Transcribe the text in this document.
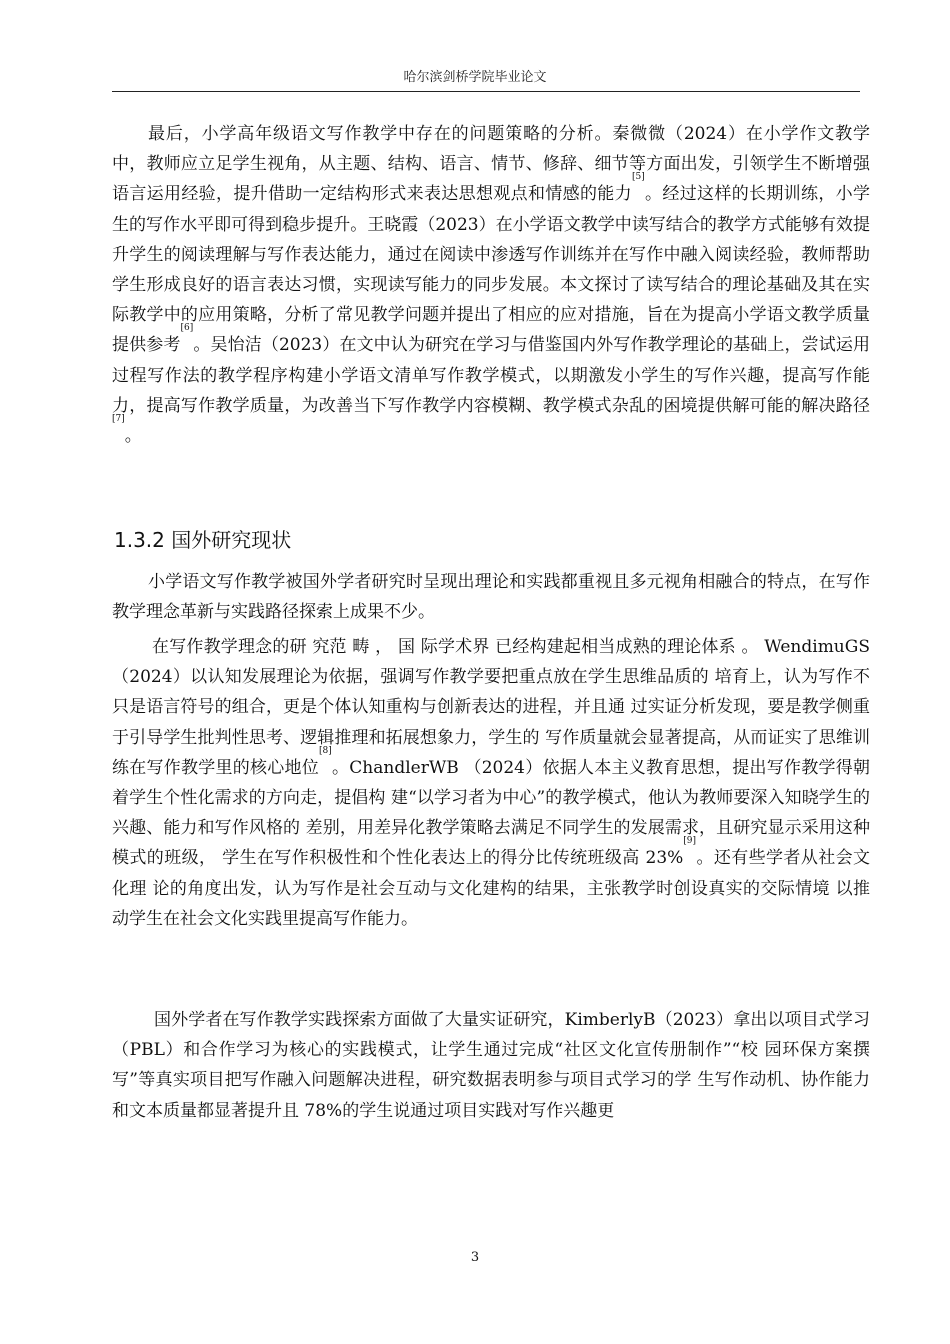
哈尔滨剑桥学院毕业论文
最后，小学高年级语文写作教学中存在的问题策略的分析。秦微微（2024）在小学作文教学中，教师应立足学生视角，从主题、结构、语言、情节、修辞、细节等方面出发，引领学生不断增强语言运用经验，提升借助一定结构形式来表达思想观点和情感的能力[5]。经过这样的长期训练，小学生的写作水平即可得到稳步提升。王晓霞（2023）在小学语文教学中读写结合的教学方式能够有效提升学生的阅读理解与写作表达能力，通过在阅读中渗透写作训练并在写作中融入阅读经验，教师帮助学生形成良好的语言表达习惯，实现读写能力的同步发展。本文探讨了读写结合的理论基础及其在实际教学中的应用策略，分析了常见教学问题并提出了相应的应对措施，旨在为提高小学语文教学质量提供参考[6]。吴怡洁（2023）在文中认为研究在学习与借鉴国内外写作教学理论的基础上，尝试运用过程写作法的教学程序构建小学语文清单写作教学模式，以期激发小学生的写作兴趣，提高写作能力，提高写作教学质量，为改善当下写作教学内容模糊、教学模式杂乱的困境提供解可能的解决路径[7]。
1.3.2 国外研究现状
小学语文写作教学被国外学者研究时呈现出理论和实践都重视且多元视角相融合的特点，在写作教学理念革新与实践路径探索上成果不少。
在写作教学理念的研 究范 畴 ， 国 际学术界 已经构建起相当成熟的理论体系 。 WendimuGS（2024）以认知发展理论为依据，强调写作教学要把重点放在学生思维品质的 培育上，认为写作不只是语言符号的组合，更是个体认知重构与创新表达的进程，并且通 过实证分析发现，要是教学侧重于引导学生批判性思考、逻辑推理和拓展想象力，学生的 写作质量就会显著提高，从而证实了思维训练在写作教学里的核心地位[8]。ChandlerWB （2024）依据人本主义教育思想，提出写作教学得朝着学生个性化需求的方向走，提倡构 建“以学习者为中心”的教学模式，他认为教师要深入知晓学生的兴趣、能力和写作风格的 差别，用差异化教学策略去满足不同学生的发展需求，且研究显示采用这种模式的班级， 学生在写作积极性和个性化表达上的得分比传统班级高 23%[9]。还有些学者从社会文化理 论的角度出发，认为写作是社会互动与文化建构的结果，主张教学时创设真实的交际情境 以推动学生在社会文化实践里提高写作能力。
国外学者在写作教学实践探索方面做了大量实证研究，KimberlyB（2023）拿出以项目式学习（PBL）和合作学习为核心的实践模式，让学生通过完成“社区文化宣传册制作”“校 园环保方案撰写”等真实项目把写作融入问题解决进程，研究数据表明参与项目式学习的学 生写作动机、协作能力和文本质量都显著提升且 78%的学生说通过项目实践对写作兴趣更
3
